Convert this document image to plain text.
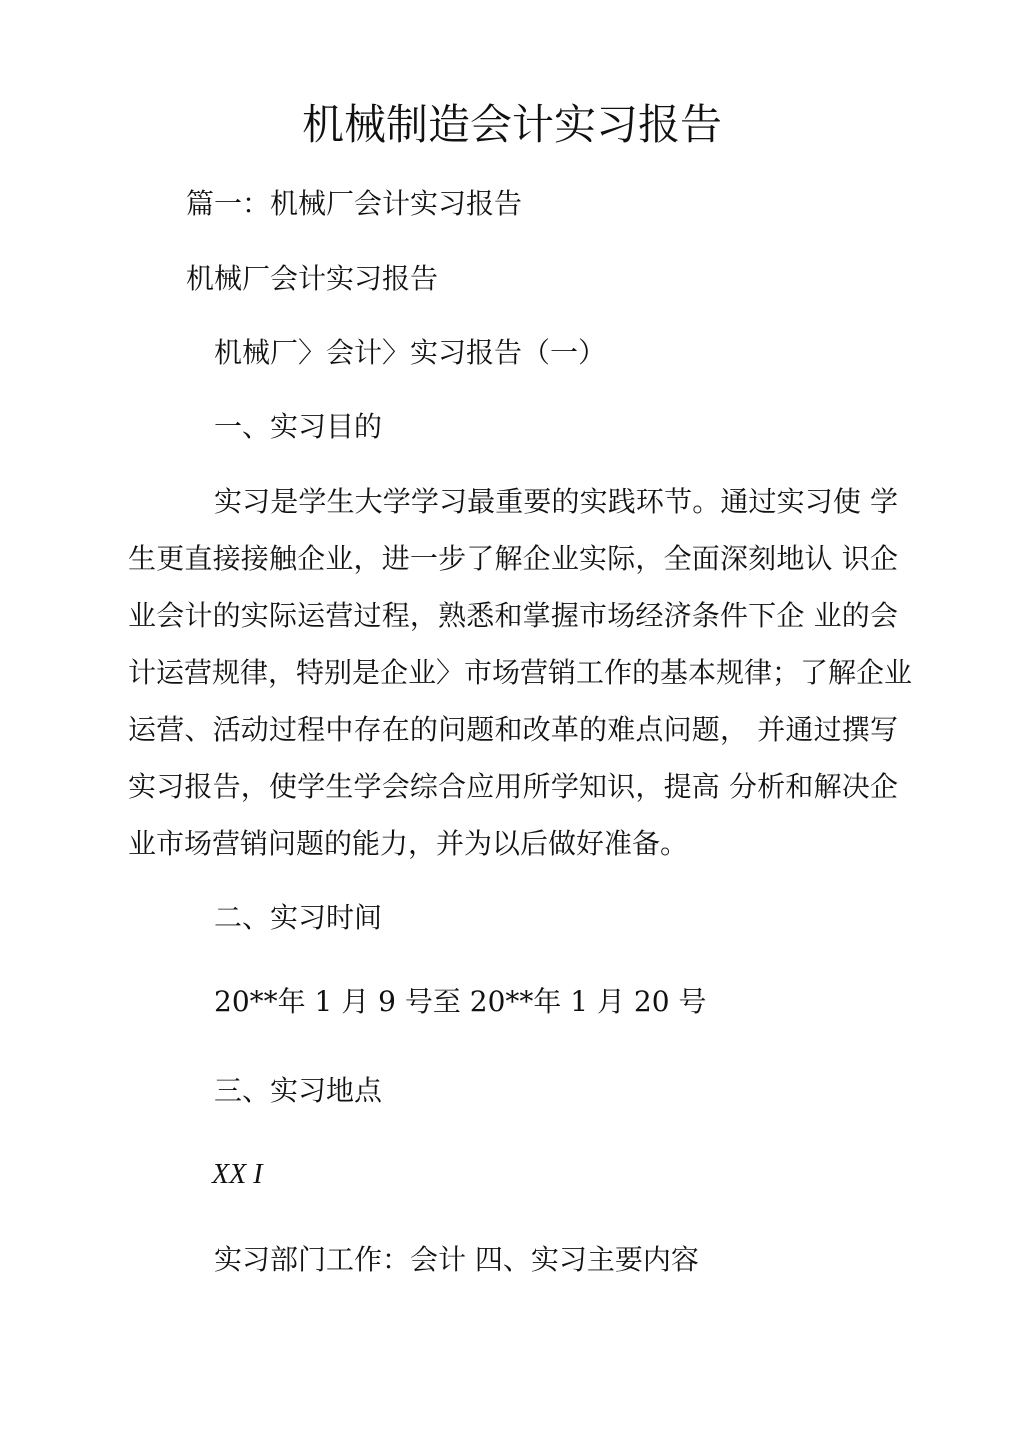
机械制造会计实习报告
篇一：机械厂会计实习报告
机械厂会计实习报告
机械厂〉会计〉实习报告（一）
一、实习目的
实习是学生大学学习最重要的实践环节。通过实习使 学
生更直接接触企业，进一步了解企业实际，全面深刻地认 识企
业会计的实际运营过程，熟悉和掌握市场经济条件下企 业的会
计运营规律，特别是企业〉市场营销工作的基本规律；了解企业
运营、活动过程中存在的问题和改革的难点问题， 并通过撰写
实习报告，使学生学会综合应用所学知识，提高 分析和解决企
业市场营销问题的能力，并为以后做好准备。
二、实习时间
20**年 1 月 9 号至 20**年 1 月 20 号
三、实习地点
XX I
实习部门工作：会计 四、实习主要内容
